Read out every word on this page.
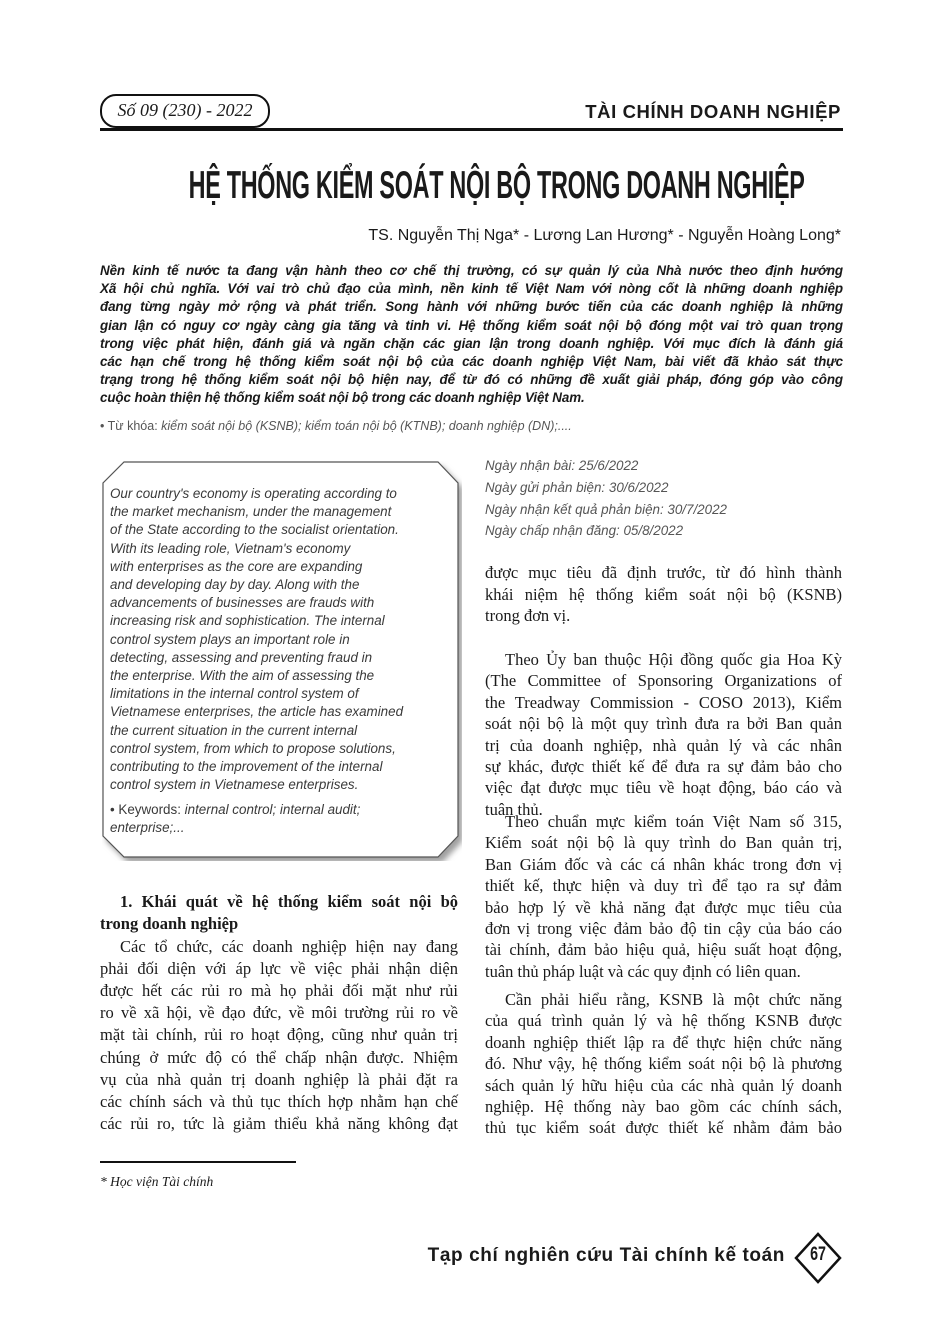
Số 09 (230) - 2022	TÀI CHÍNH DOANH NGHIỆP
HỆ THỐNG KIỂM SOÁT NỘI BỘ TRONG DOANH NGHIỆP
TS. Nguyễn Thị Nga* - Lương Lan Hương* - Nguyễn Hoàng Long*
Nền kinh tế nước ta đang vận hành theo cơ chế thị trường, có sự quản lý của Nhà nước theo định hướng
Xã hội chủ nghĩa. Với vai trò chủ đạo của mình, nền kinh tế Việt Nam với nòng cốt là những doanh nghiệp
đang từng ngày mở rộng và phát triển. Song hành với những bước tiến của các doanh nghiệp là những
gian lận có nguy cơ ngày càng gia tăng và tinh vi. Hệ thống kiểm soát nội bộ đóng một vai trò quan trọng
trong việc phát hiện, đánh giá và ngăn chặn các gian lận trong doanh nghiệp. Với mục đích là đánh giá
các hạn chế trong hệ thống kiểm soát nội bộ của các doanh nghiệp Việt Nam, bài viết đã khảo sát thực
trạng trong hệ thống kiểm soát nội bộ hiện nay, để từ đó có những đề xuất giải pháp, đóng góp vào công
cuộc hoàn thiện hệ thống kiểm soát nội bộ trong các doanh nghiệp Việt Nam.
• Từ khóa: kiểm soát nội bộ (KSNB); kiểm toán nội bộ (KTNB); doanh nghiệp (DN);....
Our country's economy is operating according to
the market mechanism, under the management
of the State according to the socialist orientation.
With its leading role, Vietnam's economy
with enterprises as the core are expanding
and developing day by day. Along with the
advancements of businesses are frauds with
increasing risk and sophistication. The internal
control system plays an important role in
detecting, assessing and preventing fraud in
the enterprise. With the aim of assessing the
limitations in the internal control system of
Vietnamese enterprises, the article has examined
the current situation in the current internal
control system, from which to propose solutions,
contributing to the improvement of the internal
control system in Vietnamese enterprises.
• Keywords: internal control; internal audit;
enterprise;...
Ngày nhận bài: 25/6/2022
Ngày gửi phản biện: 30/6/2022
Ngày nhận kết quả phản biện: 30/7/2022
Ngày chấp nhận đăng: 05/8/2022
1. Khái quát về hệ thống kiểm soát nội bộ
trong doanh nghiệp
Các tổ chức, các doanh nghiệp hiện nay đang
phải đối diện với áp lực về việc phải nhận diện
được hết các rủi ro mà họ phải đối mặt như rủi
ro về xã hội, về đạo đức, về môi trường rủi ro về
mặt tài chính, rủi ro hoạt động, cũng như quản trị
chúng ở mức độ có thể chấp nhận được. Nhiệm
vụ của nhà quản trị doanh nghiệp là phải đặt ra
các chính sách và thủ tục thích hợp nhằm hạn chế
các rủi ro, tức là giảm thiểu khả năng không đạt
được mục tiêu đã định trước, từ đó hình thành
khái niệm hệ thống kiểm soát nội bộ (KSNB)
trong đơn vị.
Theo Ủy ban thuộc Hội đồng quốc gia Hoa Kỳ
(The Committee of Sponsoring Organizations of
the Treadway Commission - COSO 2013), Kiểm
soát nội bộ là một quy trình đưa ra bởi Ban quản
trị của doanh nghiệp, nhà quản lý và các nhân
sự khác, được thiết kế để đưa ra sự đảm bảo cho
việc đạt được mục tiêu về hoạt động, báo cáo và
tuân thủ.
Theo chuẩn mực kiểm toán Việt Nam số 315,
Kiểm soát nội bộ là quy trình do Ban quản trị,
Ban Giám đốc và các cá nhân khác trong đơn vị
thiết kế, thực hiện và duy trì để tạo ra sự đảm
bảo hợp lý về khả năng đạt được mục tiêu của
đơn vị trong việc đảm bảo độ tin cậy của báo cáo
tài chính, đảm bảo hiệu quả, hiệu suất hoạt động,
tuân thủ pháp luật và các quy định có liên quan.
Cần phải hiểu rằng, KSNB là một chức năng
của quá trình quản lý và hệ thống KSNB được
doanh nghiệp thiết lập ra để thực hiện chức năng
đó. Như vậy, hệ thống kiểm soát nội bộ là phương
sách quản lý hữu hiệu của các nhà quản lý doanh
nghiệp. Hệ thống này bao gồm các chính sách,
thủ tục kiểm soát được thiết kế nhằm đảm bảo
* Học viện Tài chính
Tạp chí nghiên cứu Tài chính kế toán	67
